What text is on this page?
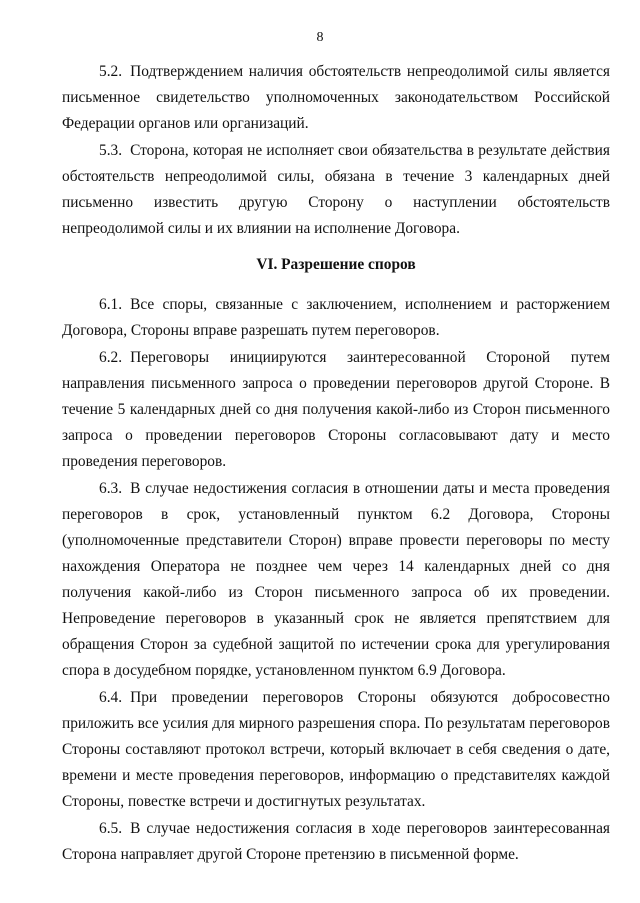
8

5.2. Подтверждением наличия обстоятельств непреодолимой силы является письменное свидетельство уполномоченных законодательством Российской Федерации органов или организаций.

5.3. Сторона, которая не исполняет свои обязательства в результате действия обстоятельств непреодолимой силы, обязана в течение 3 календарных дней письменно известить другую Сторону о наступлении обстоятельств непреодолимой силы и их влиянии на исполнение Договора.

VI. Разрешение споров

6.1. Все споры, связанные с заключением, исполнением и расторжением Договора, Стороны вправе разрешать путем переговоров.

6.2. Переговоры инициируются заинтересованной Стороной путем направления письменного запроса о проведении переговоров другой Стороне. В течение 5 календарных дней со дня получения какой-либо из Сторон письменного запроса о проведении переговоров Стороны согласовывают дату и место проведения переговоров.

6.3. В случае недостижения согласия в отношении даты и места проведения переговоров в срок, установленный пунктом 6.2 Договора, Стороны (уполномоченные представители Сторон) вправе провести переговоры по месту нахождения Оператора не позднее чем через 14 календарных дней со дня получения какой-либо из Сторон письменного запроса об их проведении. Непроведение переговоров в указанный срок не является препятствием для обращения Сторон за судебной защитой по истечении срока для урегулирования спора в досудебном порядке, установленном пунктом 6.9 Договора.

6.4. При проведении переговоров Стороны обязуются добросовестно приложить все усилия для мирного разрешения спора. По результатам переговоров Стороны составляют протокол встречи, который включает в себя сведения о дате, времени и месте проведения переговоров, информацию о представителях каждой Стороны, повестке встречи и достигнутых результатах.

6.5. В случае недостижения согласия в ходе переговоров заинтересованная Сторона направляет другой Стороне претензию в письменной форме.
